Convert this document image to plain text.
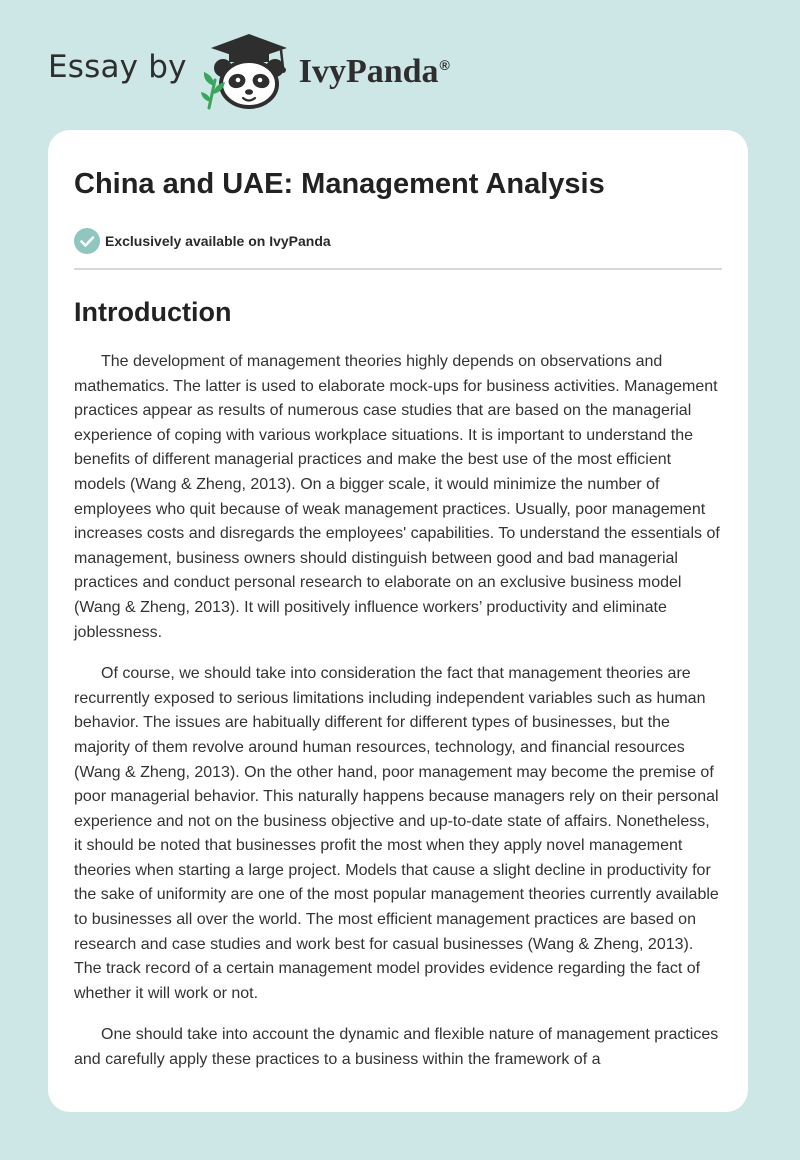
Essay by	IvyPanda®
China and UAE: Management Analysis
Exclusively available on IvyPanda
Introduction

The development of management theories highly depends on observations and mathematics. The latter is used to elaborate mock-ups for business activities. Management practices appear as results of numerous case studies that are based on the managerial experience of coping with various workplace situations. It is important to understand the benefits of different managerial practices and make the best use of the most efficient models (Wang & Zheng, 2013). On a bigger scale, it would minimize the number of employees who quit because of weak management practices. Usually, poor management increases costs and disregards the employees' capabilities. To understand the essentials of management, business owners should distinguish between good and bad managerial practices and conduct personal research to elaborate on an exclusive business model (Wang & Zheng, 2013). It will positively influence workers’ productivity and eliminate joblessness.

Of course, we should take into consideration the fact that management theories are recurrently exposed to serious limitations including independent variables such as human behavior. The issues are habitually different for different types of businesses, but the majority of them revolve around human resources, technology, and financial resources (Wang & Zheng, 2013). On the other hand, poor management may become the premise of poor managerial behavior. This naturally happens because managers rely on their personal experience and not on the business objective and up-to-date state of affairs. Nonetheless, it should be noted that businesses profit the most when they apply novel management theories when starting a large project. Models that cause a slight decline in productivity for the sake of uniformity are one of the most popular management theories currently available to businesses all over the world. The most efficient management practices are based on research and case studies and work best for casual businesses (Wang & Zheng, 2013). The track record of a certain management model provides evidence regarding the fact of whether it will work or not.

One should take into account the dynamic and flexible nature of management practices and carefully apply these practices to a business within the framework of a
